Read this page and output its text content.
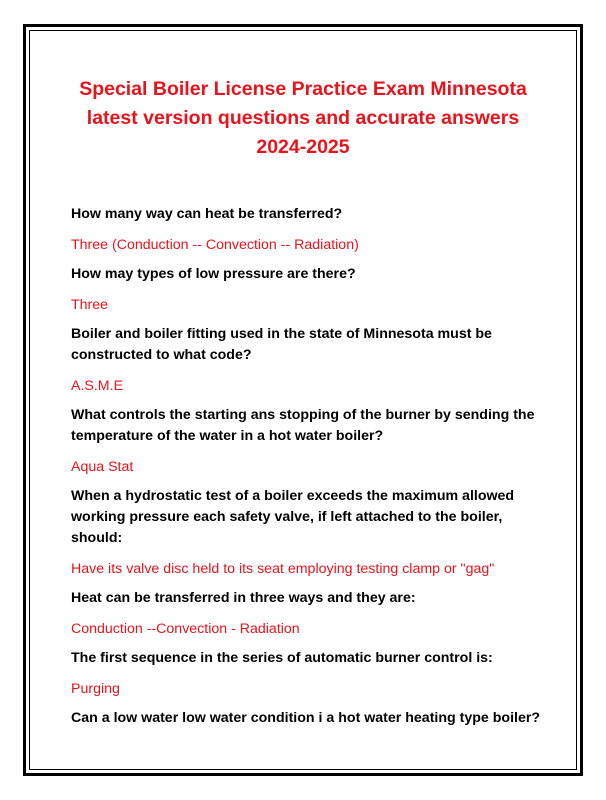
Special Boiler License Practice Exam Minnesota latest version questions and accurate answers 2024-2025

How many way can heat be transferred?

Three (Conduction -- Convection -- Radiation)

How may types of low pressure are there?

Three

Boiler and boiler fitting used in the state of Minnesota must be constructed to what code?

A.S.M.E

What controls the starting ans stopping of the burner by sending the temperature of the water in a hot water boiler?

Aqua Stat

When a hydrostatic test of a boiler exceeds the maximum allowed working pressure each safety valve, if left attached to the boiler, should:

Have its valve disc held to its seat employing testing clamp or "gag"

Heat can be transferred in three ways and they are:

Conduction --Convection - Radiation

The first sequence in the series of automatic burner control is:

Purging

Can a low water low water condition i a hot water heating type boiler?
